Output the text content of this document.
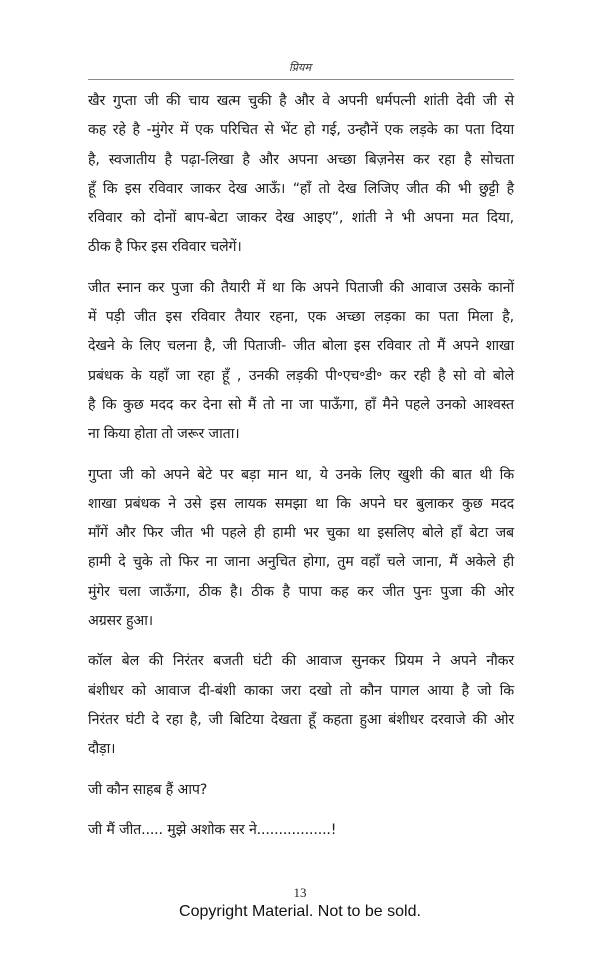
प्रियम
खैर गुप्ता जी की चाय खत्म चुकी है और वे अपनी धर्मपत्नी शांती देवी जी से
कह रहे है -मुंगेर में एक परिचित से भेंट हो गई, उन्हौनें एक लड़के का पता दिया
है, स्वजातीय है पढ़ा-लिखा है और अपना अच्छा बिज़नेस कर रहा है सोचता
हूँ कि इस रविवार जाकर देख आऊँ। “हाँ तो देख लिजिए जीत की भी छुट्टी है
रविवार को दोनों बाप-बेटा जाकर देख आइए”, शांती ने भी अपना मत दिया,
ठीक है फिर इस रविवार चलेगें।
जीत स्नान कर पुजा की तैयारी में था कि अपने पिताजी की आवाज उसके कानों
में पड़ी जीत इस रविवार तैयार रहना, एक अच्छा लड़का का पता मिला है,
देखने के लिए चलना है, जी पिताजी- जीत बोला इस रविवार तो मैं अपने शाखा
प्रबंधक के यहाँ जा रहा हूँ , उनकी लड़की पी॰एच॰डी॰ कर रही है सो वो बोले
है कि कुछ मदद कर देना सो मैं तो ना जा पाऊँगा, हाँ मैने पहले उनको आश्वस्त
ना किया होता तो जरूर जाता।
गुप्ता जी को अपने बेटे पर बड़ा मान था, ये उनके लिए खुशी की बात थी कि
शाखा प्रबंधक ने उसे इस लायक समझा था कि अपने घर बुलाकर कुछ मदद
माँगें और फिर जीत भी पहले ही हामी भर चुका था इसलिए बोले हाँ बेटा जब
हामी दे चुके तो फिर ना जाना अनुचित होगा, तुम वहाँ चले जाना, मैं अकेले ही
मुंगेर चला जाऊँगा, ठीक है। ठीक है पापा कह कर जीत पुनः पुजा की ओर
अग्रसर हुआ।
कॉल बेल की निरंतर बजती घंटी की आवाज सुनकर प्रियम ने अपने नौकर
बंशीधर को आवाज दी-बंशी काका जरा दखो तो कौन पागल आया है जो कि
निरंतर घंटी दे रहा है, जी बिटिया देखता हूँ कहता हुआ बंशीधर दरवाजे की ओर
दौड़ा।
जी कौन साहब हैं आप?
जी मैं जीत..... मुझे अशोक सर ने.................!
13
Copyright Material. Not to be sold.
